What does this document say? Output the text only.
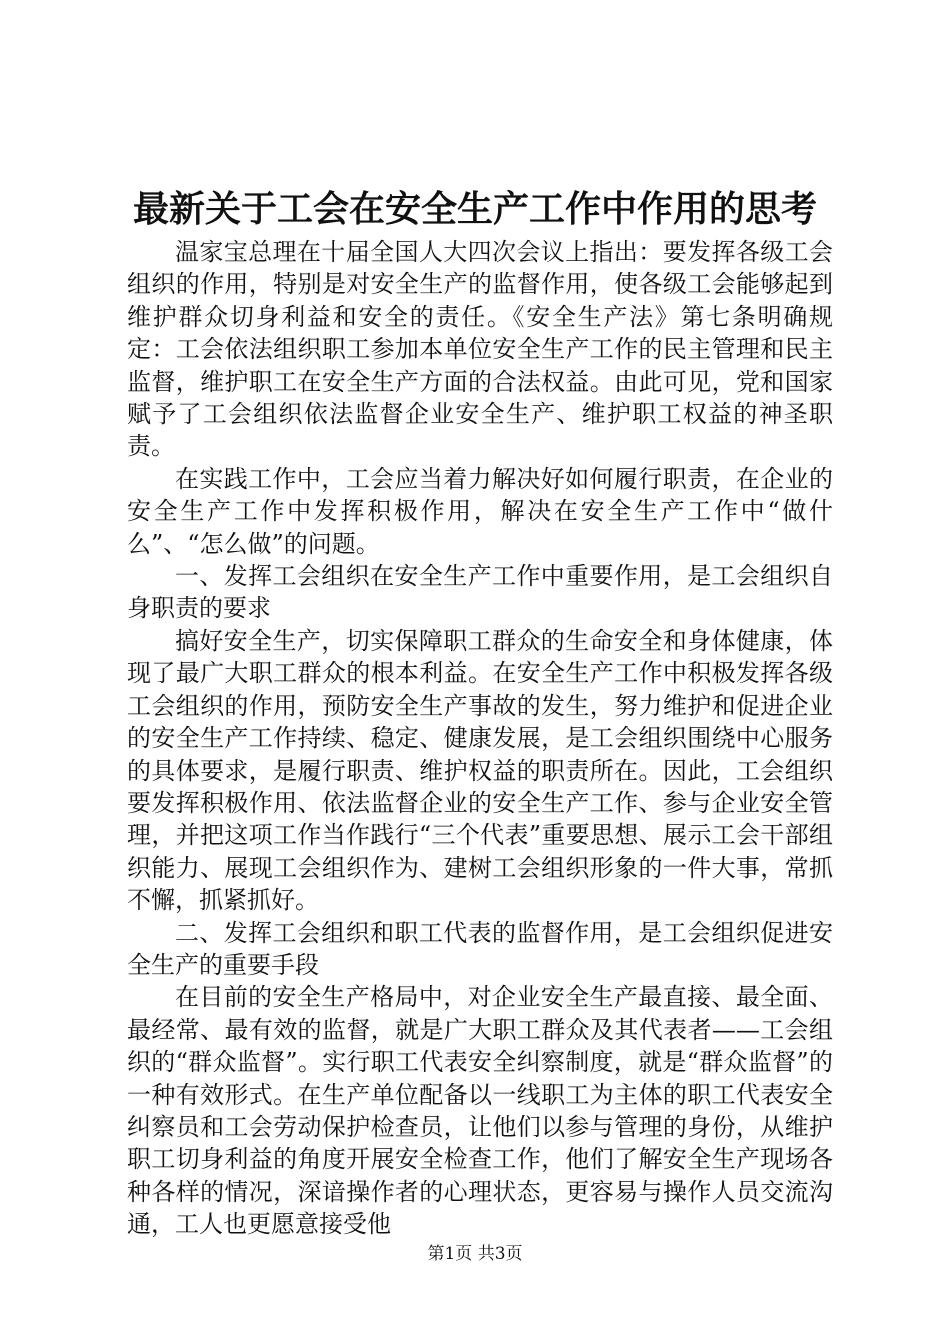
最新关于工会在安全生产工作中作用的思考

温家宝总理在十届全国人大四次会议上指出：要发挥各级工会组织的作用，特别是对安全生产的监督作用，使各级工会能够起到维护群众切身利益和安全的责任。《安全生产法》第七条明确规定：工会依法组织职工参加本单位安全生产工作的民主管理和民主监督，维护职工在安全生产方面的合法权益。由此可见，党和国家赋予了工会组织依法监督企业安全生产、维护职工权益的神圣职责。

在实践工作中，工会应当着力解决好如何履行职责，在企业的安全生产工作中发挥积极作用，解决在安全生产工作中“做什么”、“怎么做”的问题。

一、发挥工会组织在安全生产工作中重要作用，是工会组织自身职责的要求

搞好安全生产，切实保障职工群众的生命安全和身体健康，体现了最广大职工群众的根本利益。在安全生产工作中积极发挥各级工会组织的作用，预防安全生产事故的发生，努力维护和促进企业的安全生产工作持续、稳定、健康发展，是工会组织围绕中心服务的具体要求，是履行职责、维护权益的职责所在。因此，工会组织要发挥积极作用、依法监督企业的安全生产工作、参与企业安全管理，并把这项工作当作践行“三个代表”重要思想、展示工会干部组织能力、展现工会组织作为、建树工会组织形象的一件大事，常抓不懈，抓紧抓好。

二、发挥工会组织和职工代表的监督作用，是工会组织促进安全生产的重要手段

在目前的安全生产格局中，对企业安全生产最直接、最全面、最经常、最有效的监督，就是广大职工群众及其代表者——工会组织的“群众监督”。实行职工代表安全纠察制度，就是“群众监督”的一种有效形式。在生产单位配备以一线职工为主体的职工代表安全纠察员和工会劳动保护检查员，让他们以参与管理的身份，从维护职工切身利益的角度开展安全检查工作，他们了解安全生产现场各种各样的情况，深谙操作者的心理状态，更容易与操作人员交流沟通，工人也更愿意接受他

第1页 共3页
